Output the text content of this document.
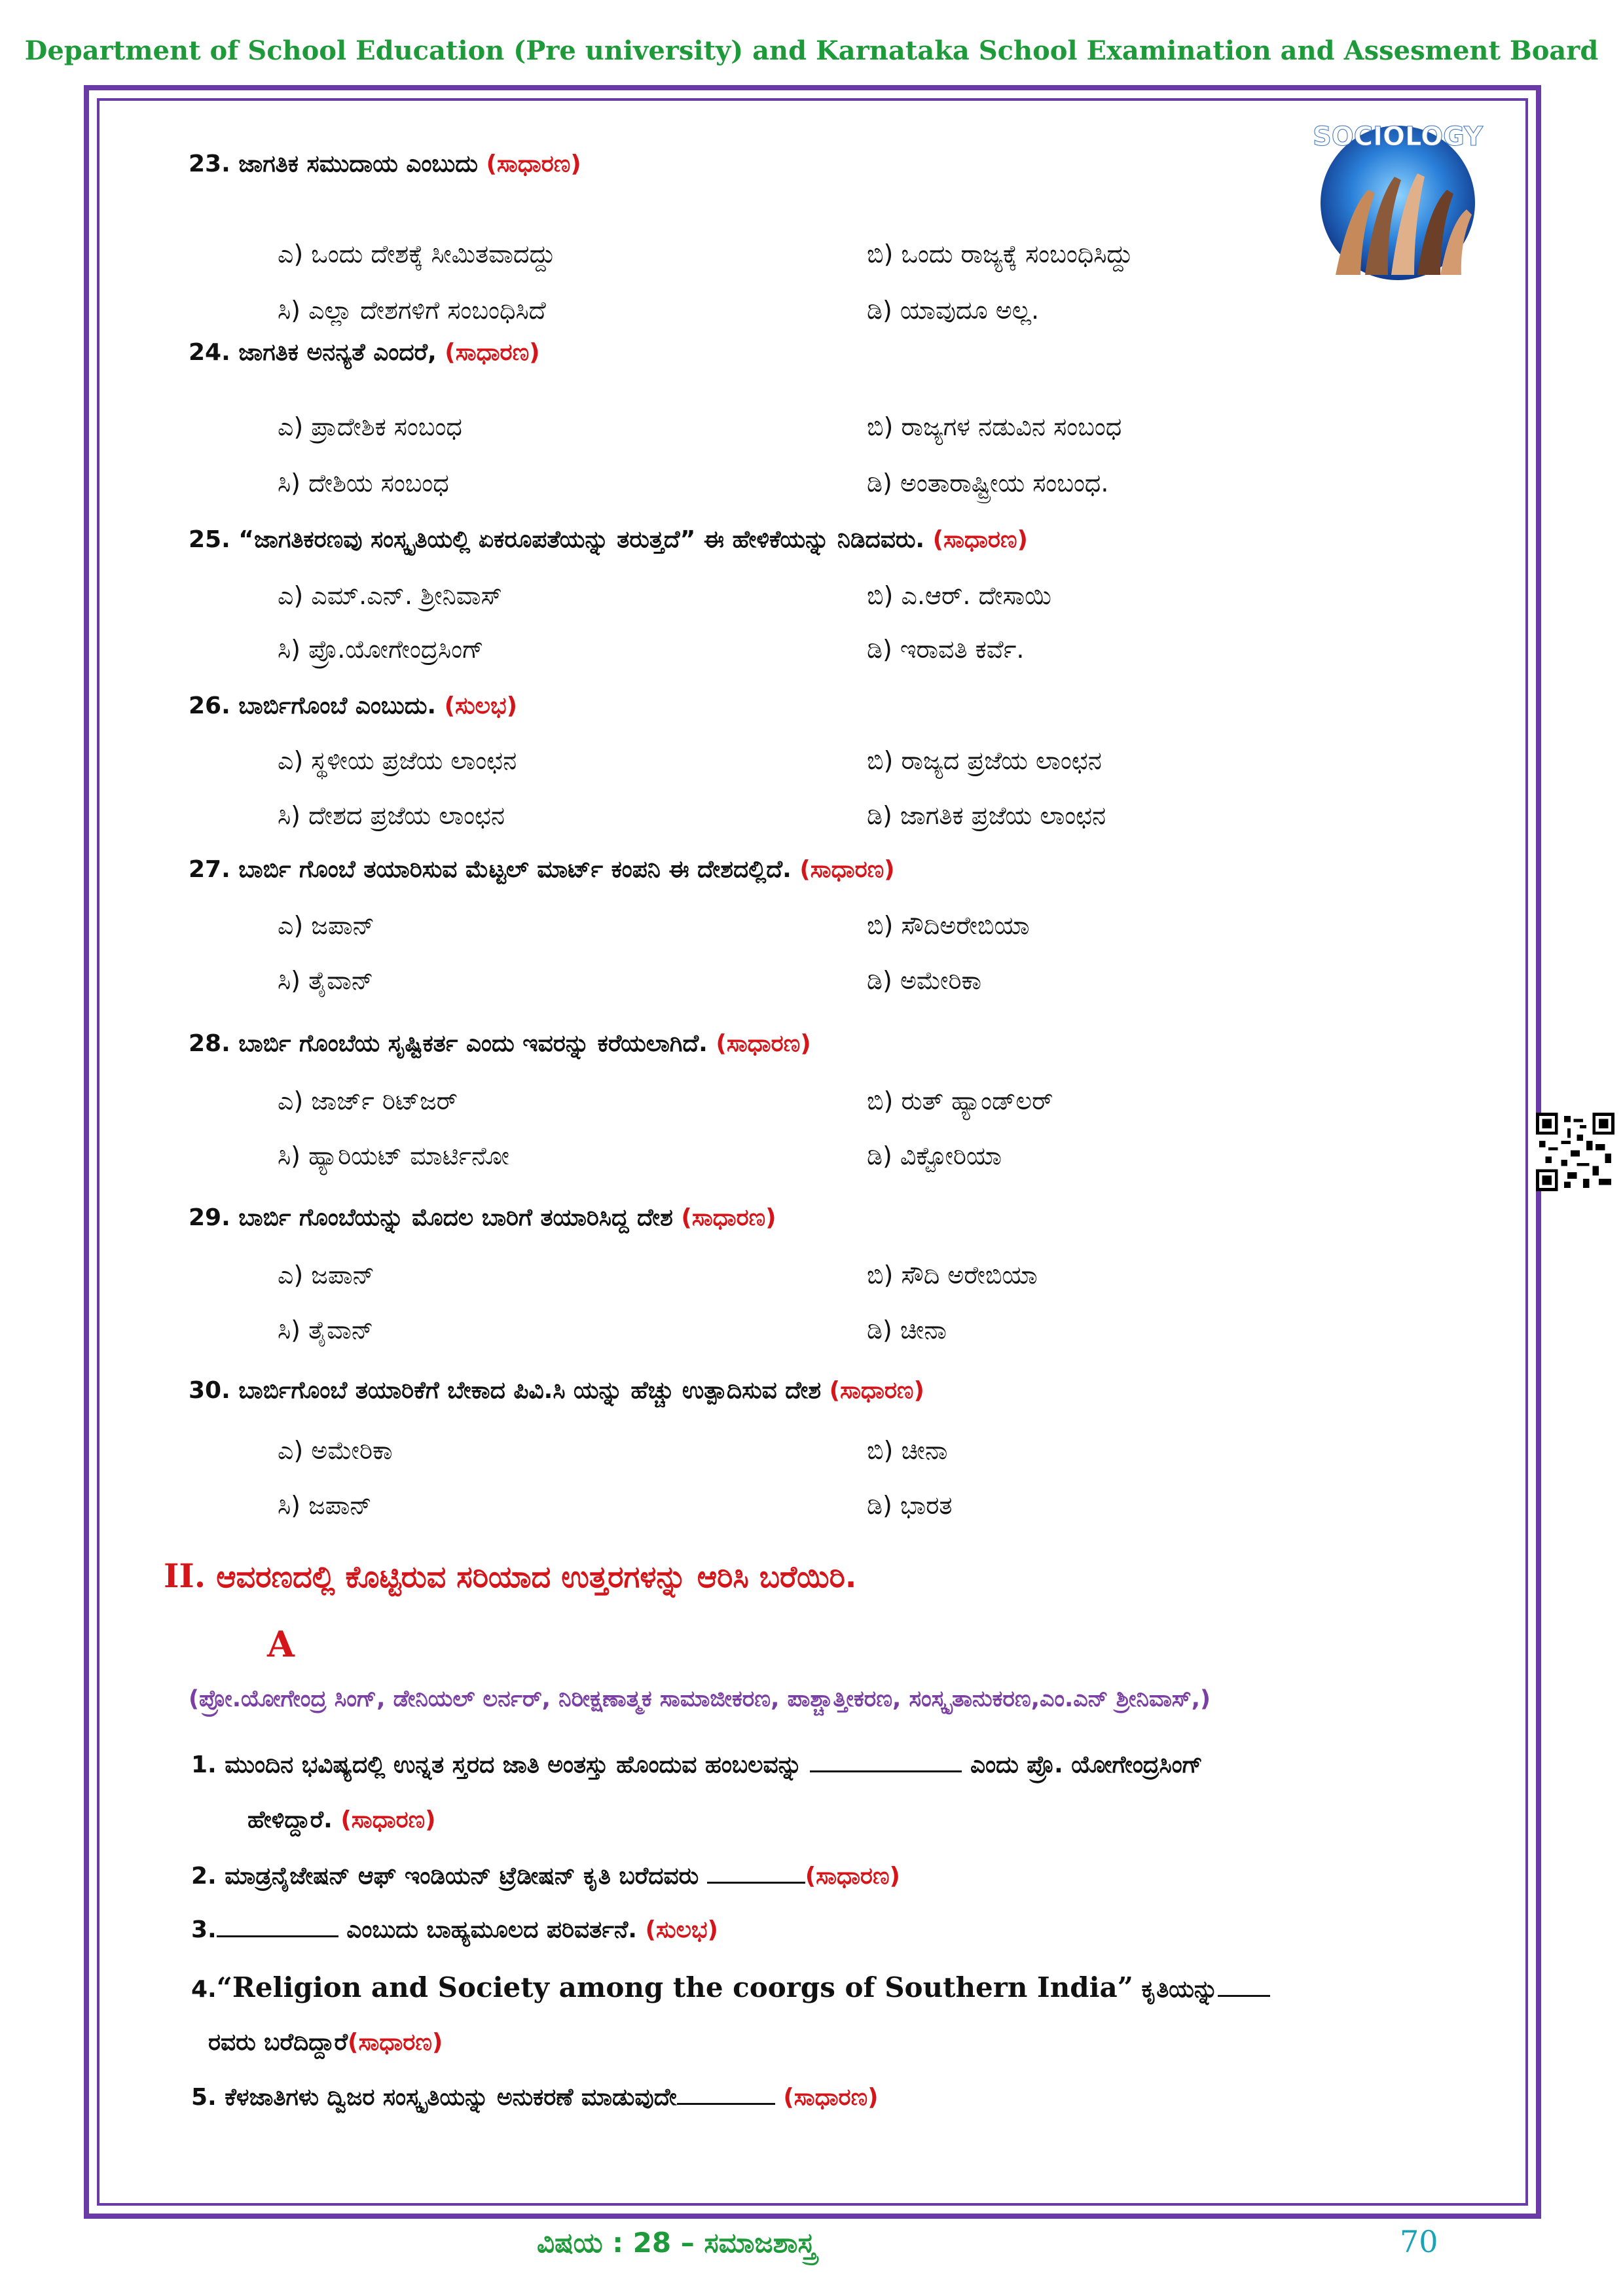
Department of School Education (Pre university) and Karnataka School Examination and Assesment Board
SOCIOLOGY
23. ಜಾಗತಿಕ ಸಮುದಾಯ ಎಂಬುದು (ಸಾಧಾರಣ)
ಎ) ಒಂದು ದೇಶಕ್ಕೆ ಸೀಮಿತವಾದದ್ದು	ಬಿ) ಒಂದು ರಾಜ್ಯಕ್ಕೆ ಸಂಬಂಧಿಸಿದ್ದು
ಸಿ) ಎಲ್ಲಾ ದೇಶಗಳಿಗೆ ಸಂಬಂಧಿಸಿದೆ	ಡಿ) ಯಾವುದೂ ಅಲ್ಲ.
24. ಜಾಗತಿಕ ಅನನ್ಯತೆ ಎಂದರೆ, (ಸಾಧಾರಣ)
ಎ) ಪ್ರಾದೇಶಿಕ ಸಂಬಂಧ	ಬಿ) ರಾಜ್ಯಗಳ ನಡುವಿನ ಸಂಬಂಧ
ಸಿ) ದೇಶಿಯ ಸಂಬಂಧ	ಡಿ) ಅಂತಾರಾಷ್ಟ್ರೀಯ ಸಂಬಂಧ.
25. “ಜಾಗತಿಕರಣವು ಸಂಸ್ಕೃತಿಯಲ್ಲಿ ಏಕರೂಪತೆಯನ್ನು ತರುತ್ತದೆ” ಈ ಹೇಳಿಕೆಯನ್ನು ನಿಡಿದವರು. (ಸಾಧಾರಣ)
ಎ) ಎಮ್.ಎನ್. ಶ್ರೀನಿವಾಸ್	ಬಿ) ಎ.ಆರ್. ದೇಸಾಯಿ
ಸಿ) ಪ್ರೊ.ಯೋಗೇಂದ್ರಸಿಂಗ್	ಡಿ) ಇರಾವತಿ ಕರ್ವೆ.
26. ಬಾರ್ಬಿಗೊಂಬೆ ಎಂಬುದು. (ಸುಲಭ)
ಎ) ಸ್ಥಳೀಯ ಪ್ರಜೆಯ ಲಾಂಛನ	ಬಿ) ರಾಜ್ಯದ ಪ್ರಜೆಯ ಲಾಂಛನ
ಸಿ) ದೇಶದ ಪ್ರಜೆಯ ಲಾಂಛನ	ಡಿ) ಜಾಗತಿಕ ಪ್ರಜೆಯ ಲಾಂಛನ
27. ಬಾರ್ಬಿ ಗೊಂಬೆ ತಯಾರಿಸುವ ಮೆಟ್ಟಲ್ ಮಾರ್ಟ್ ಕಂಪನಿ ಈ ದೇಶದಲ್ಲಿದೆ. (ಸಾಧಾರಣ)
ಎ) ಜಪಾನ್	ಬಿ) ಸೌದಿಅರೇಬಿಯಾ
ಸಿ) ತೈವಾನ್	ಡಿ) ಅಮೇರಿಕಾ
28. ಬಾರ್ಬಿ ಗೊಂಬೆಯ ಸೃಷ್ಟಿಕರ್ತ ಎಂದು ಇವರನ್ನು ಕರೆಯಲಾಗಿದೆ. (ಸಾಧಾರಣ)
ಎ) ಜಾರ್ಜ್ ರಿಟ್‌ಜರ್	ಬಿ) ರುತ್ ಹ್ಯಾಂಡ್‌ಲರ್
ಸಿ) ಹ್ಯಾರಿಯಟ್ ಮಾರ್ಟಿನೋ	ಡಿ) ವಿಕ್ಟೋರಿಯಾ
29. ಬಾರ್ಬಿ ಗೊಂಬೆಯನ್ನು ಮೊದಲ ಬಾರಿಗೆ ತಯಾರಿಸಿದ್ದ ದೇಶ (ಸಾಧಾರಣ)
ಎ) ಜಪಾನ್	ಬಿ) ಸೌದಿ ಅರೇಬಿಯಾ
ಸಿ) ತೈವಾನ್	ಡಿ) ಚೀನಾ
30. ಬಾರ್ಬಿಗೊಂಬೆ ತಯಾರಿಕೆಗೆ ಬೇಕಾದ ಪಿವಿ.ಸಿ ಯನ್ನು ಹೆಚ್ಚು ಉತ್ಪಾದಿಸುವ ದೇಶ (ಸಾಧಾರಣ)
ಎ) ಅಮೇರಿಕಾ	ಬಿ) ಚೀನಾ
ಸಿ) ಜಪಾನ್	ಡಿ) ಭಾರತ
II. ಆವರಣದಲ್ಲಿ ಕೊಟ್ಟಿರುವ ಸರಿಯಾದ ಉತ್ತರಗಳನ್ನು ಆರಿಸಿ ಬರೆಯಿರಿ.
A
(ಪ್ರೋ.ಯೋಗೇಂದ್ರ ಸಿಂಗ್, ಡೇನಿಯಲ್ ಲರ್ನರ್, ನಿರೀಕ್ಷಣಾತ್ಮಕ ಸಾಮಾಜೀಕರಣ, ಪಾಶ್ಚಾತ್ತೀಕರಣ, ಸಂಸ್ಕೃತಾನುಕರಣ,ಎಂ.ಎನ್ ಶ್ರೀನಿವಾಸ್,)
1. ಮುಂದಿನ ಭವಿಷ್ಯದಲ್ಲಿ ಉನ್ನತ ಸ್ತರದ ಜಾತಿ ಅಂತಸ್ತು ಹೊಂದುವ ಹಂಬಲವನ್ನು	ಎಂದು ಪ್ರೊ. ಯೋಗೇಂದ್ರಸಿಂಗ್
ಹೇಳಿದ್ದಾರೆ. (ಸಾಧಾರಣ)
2. ಮಾಡ್ರನೈಜೇಷನ್ ಆಫ್ ಇಂಡಿಯನ್ ಟ್ರೆಡೀಷನ್ ಕೃತಿ ಬರೆದವರು	(ಸಾಧಾರಣ)
3.	ಎಂಬುದು ಬಾಹ್ಯಮೂಲದ ಪರಿವರ್ತನೆ. (ಸುಲಭ)
4.“Religion and Society among the coorgs of Southern India” ಕೃತಿಯನ್ನು
ರವರು ಬರೆದಿದ್ದಾರೆ(ಸಾಧಾರಣ)
5. ಕೆಳಜಾತಿಗಳು ದ್ವಿಜರ ಸಂಸ್ಕೃತಿಯನ್ನು ಅನುಕರಣೆ ಮಾಡುವುದೇ	(ಸಾಧಾರಣ)
ವಿಷಯ : 28 – ಸಮಾಜಶಾಸ್ತ್ರ	70
